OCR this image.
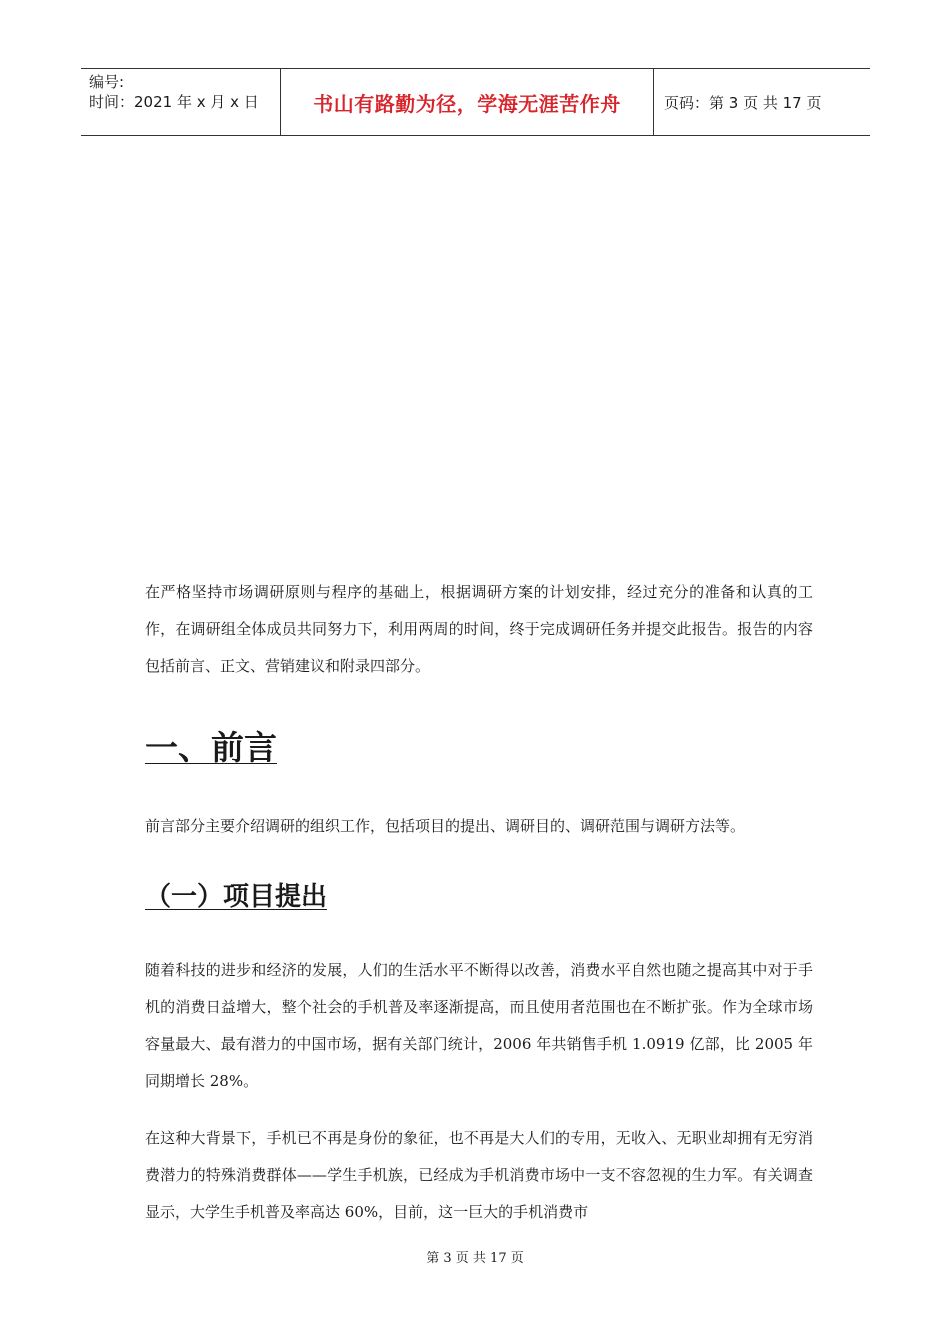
编号:
时间：2021 年 x 月 x 日	书山有路勤为径，学海无涯苦作舟	页码：第 3 页 共 17 页

在严格坚持市场调研原则与程序的基础上，根据调研方案的计划安排，经过充分的准备和认真的工作，在调研组全体成员共同努力下，利用两周的时间，终于完成调研任务并提交此报告。报告的内容包括前言、正文、营销建议和附录四部分。

一、前言

前言部分主要介绍调研的组织工作，包括项目的提出、调研目的、调研范围与调研方法等。

（一）项目提出

随着科技的进步和经济的发展，人们的生活水平不断得以改善，消费水平自然也随之提高其中对于手机的消费日益增大，整个社会的手机普及率逐渐提高，而且使用者范围也在不断扩张。作为全球市场容量最大、最有潜力的中国市场，据有关部门统计，2006 年共销售手机 1.0919 亿部，比 2005 年同期增长 28%。

在这种大背景下，手机已不再是身份的象征，也不再是大人们的专用，无收入、无职业却拥有无穷消费潜力的特殊消费群体——学生手机族，已经成为手机消费市场中一支不容忽视的生力军。有关调查显示，大学生手机普及率高达 60%，目前，这一巨大的手机消费市

第 3 页 共 17 页
